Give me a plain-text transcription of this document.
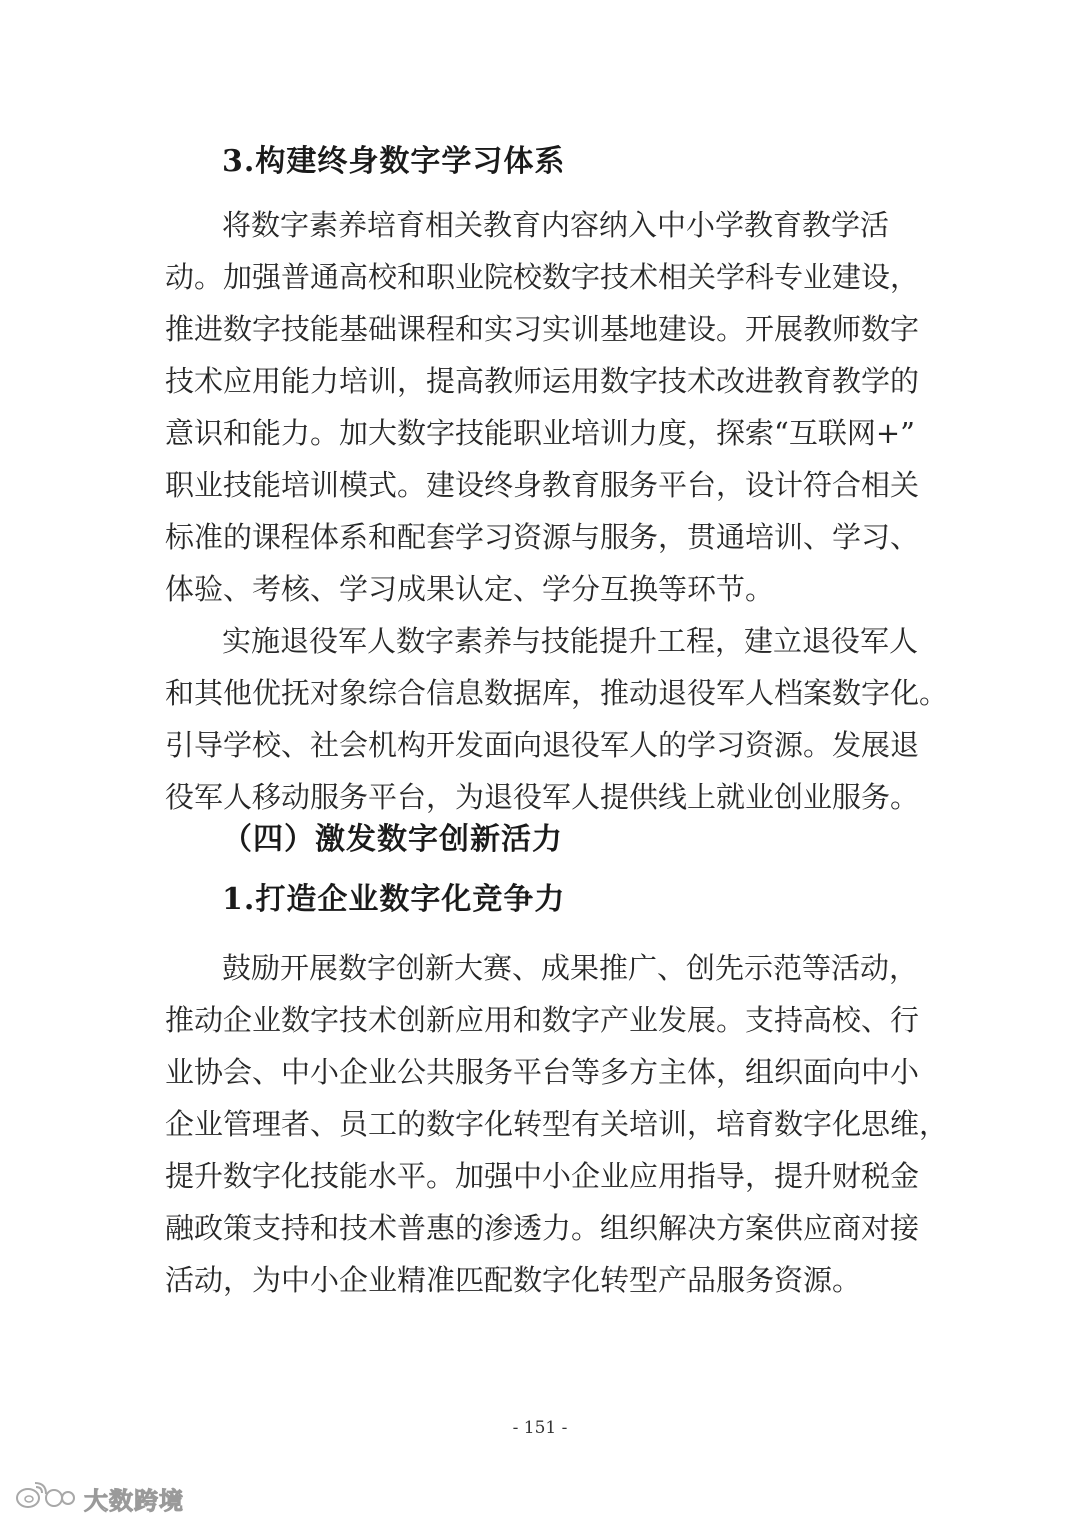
3.构建终身数字学习体系
将数字素养培育相关教育内容纳入中小学教育教学活
动。加强普通高校和职业院校数字技术相关学科专业建设，
推进数字技能基础课程和实习实训基地建设。开展教师数字
技术应用能力培训，提高教师运用数字技术改进教育教学的
意识和能力。加大数字技能职业培训力度，探索“互联网+”
职业技能培训模式。建设终身教育服务平台，设计符合相关
标准的课程体系和配套学习资源与服务，贯通培训、学习、
体验、考核、学习成果认定、学分互换等环节。
实施退役军人数字素养与技能提升工程，建立退役军人
和其他优抚对象综合信息数据库，推动退役军人档案数字化。
引导学校、社会机构开发面向退役军人的学习资源。发展退
役军人移动服务平台，为退役军人提供线上就业创业服务。
（四）激发数字创新活力
1.打造企业数字化竞争力
鼓励开展数字创新大赛、成果推广、创先示范等活动，
推动企业数字技术创新应用和数字产业发展。支持高校、行
业协会、中小企业公共服务平台等多方主体，组织面向中小
企业管理者、员工的数字化转型有关培训，培育数字化思维，
提升数字化技能水平。加强中小企业应用指导，提升财税金
融政策支持和技术普惠的渗透力。组织解决方案供应商对接
活动，为中小企业精准匹配数字化转型产品服务资源。
- 151 -
大数跨境
